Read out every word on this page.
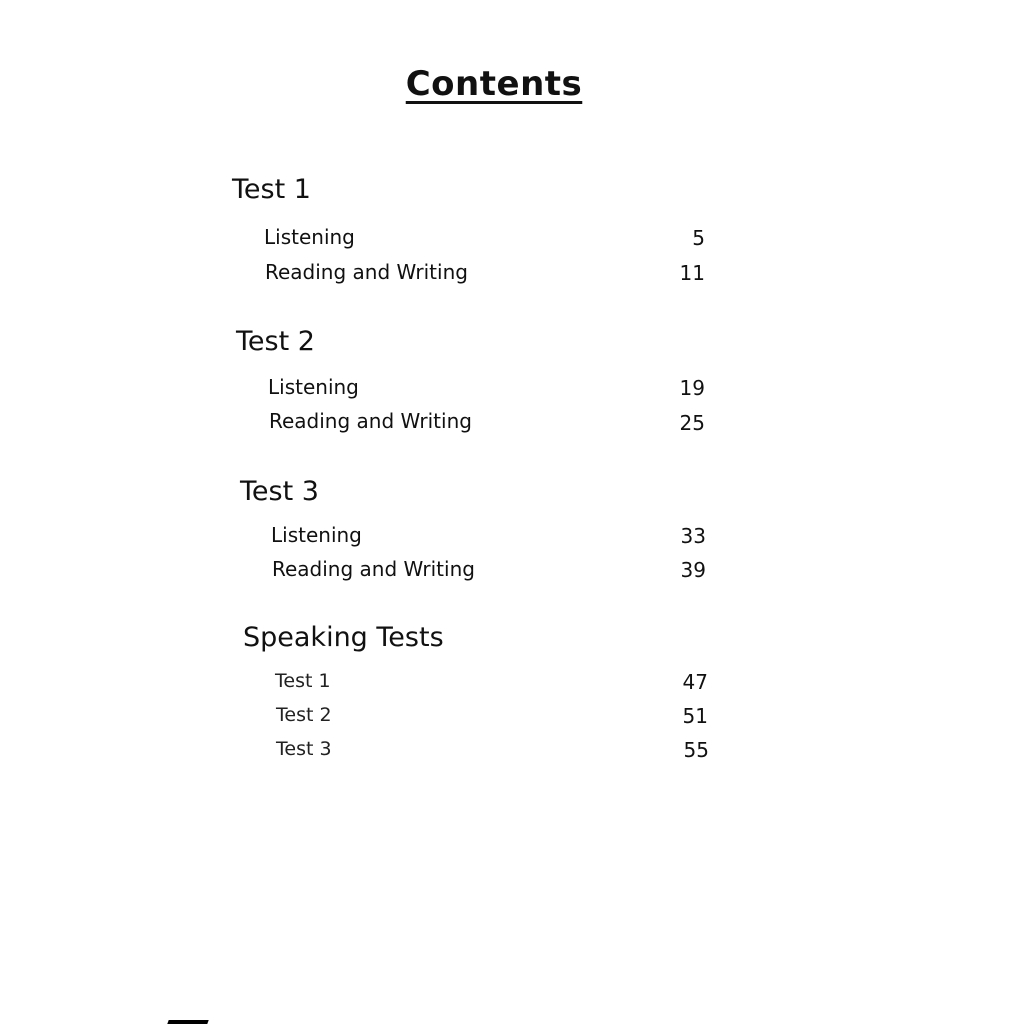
Contents
Test 1
Listening	5
Reading and Writing	11
Test 2
Listening	19
Reading and Writing	25
Test 3
Listening	33
Reading and Writing	39
Speaking Tests
Test 1	47
Test 2	51
Test 3	55
